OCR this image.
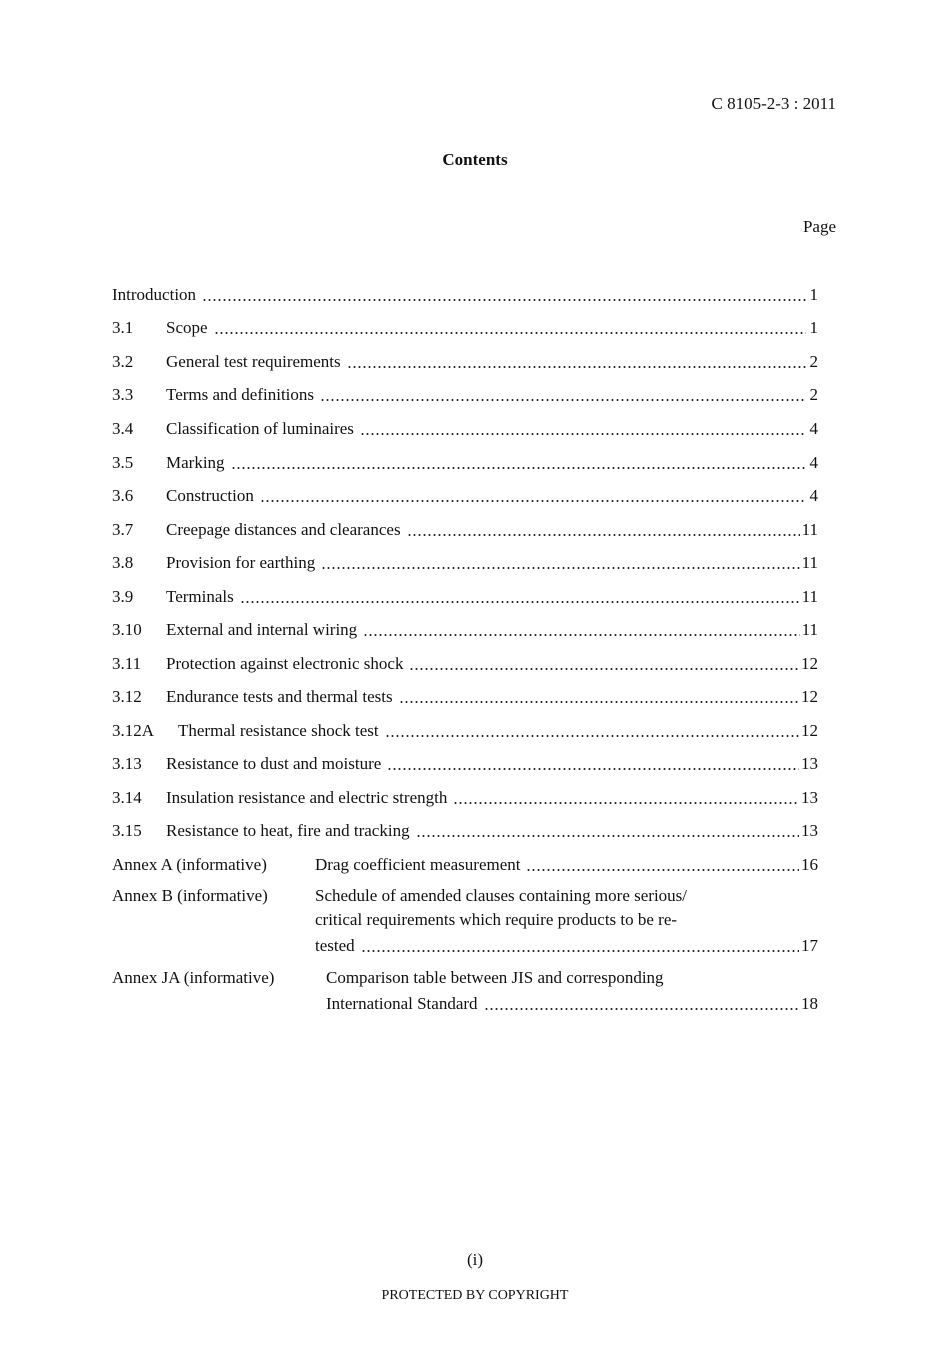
C 8105-2-3 : 2011
Contents
Page
Introduction	1
3.1	Scope	1
3.2	General test requirements	2
3.3	Terms and definitions	2
3.4	Classification of luminaires	4
3.5	Marking	4
3.6	Construction	4
3.7	Creepage distances and clearances	11
3.8	Provision for earthing	11
3.9	Terminals	11
3.10	External and internal wiring	11
3.11	Protection against electronic shock	12
3.12	Endurance tests and thermal tests	12
3.12A	Thermal resistance shock test	12
3.13	Resistance to dust and moisture	13
3.14	Insulation resistance and electric strength	13
3.15	Resistance to heat, fire and tracking	13
Annex A (informative)	Drag coefficient measurement	16
Annex B (informative)	Schedule of amended clauses containing more serious/
critical requirements which require products to be re-
tested	17
Annex JA (informative)	Comparison table between JIS and corresponding
International Standard	18
(i)
PROTECTED BY COPYRIGHT
